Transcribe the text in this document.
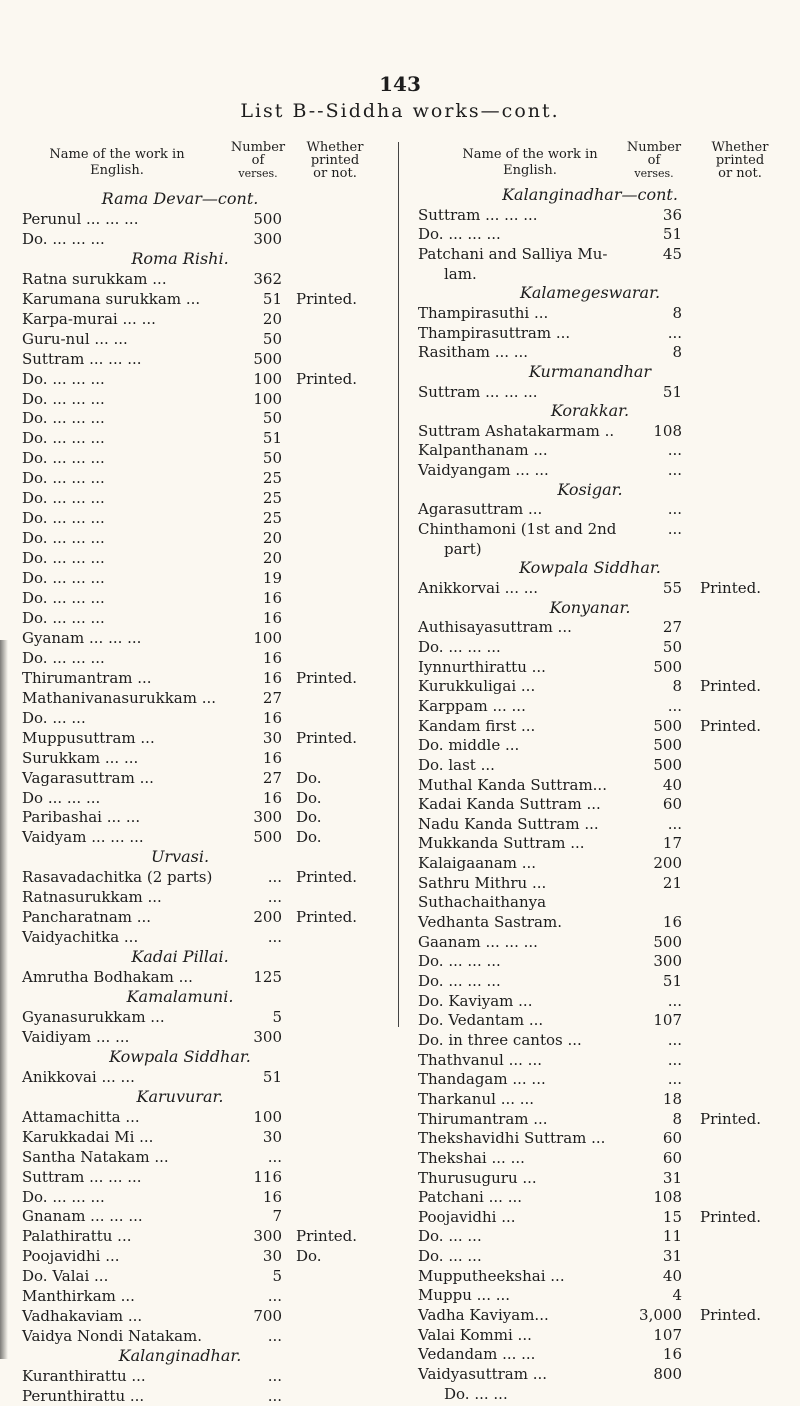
143
List B--Siddha works—cont.
Name of the work in
English.
Number
of
verses.
Whether
printed
or not.
Name of the work in
English.
Number
of
verses.
Whether
printed
or not.
Rama Devar—cont.
Perunul ... ... ...	500
Do. ... ... ...	300
Roma Rishi.
Ratna surukkam ...	362
Karumana surukkam ...	51 Printed.
Karpa-murai ... ...	20
Guru-nul ... ...	50
Suttram ... ... ...	500
Do. ... ... ...	100 Printed.
Do. ... ... ...	100
Do. ... ... ...	50
Do. ... ... ...	51
Do. ... ... ...	50
Do. ... ... ...	25
Do. ... ... ...	25
Do. ... ... ...	25
Do. ... ... ...	20
Do. ... ... ...	20
Do. ... ... ...	19
Do. ... ... ...	16
Do. ... ... ...	16
Gyanam ... ... ...	100
Do. ... ... ...	16
Thirumantram ...	16 Printed.
Mathanivanasurukkam ...	27
Do. ... ...	16
Muppusuttram ...	30 Printed.
Surukkam ... ...	16
Vagarasuttram ...	27 Do.
Do ... ... ...	16 Do.
Paribashai ... ...	300 Do.
Vaidyam ... ... ...	500 Do.
Urvasi.
Rasavadachitka (2 parts)	... Printed.
Ratnasurukkam ...	...
Pancharatnam ...	200 Printed.
Vaidyachitka ...	...
Kadai Pillai.
Amrutha Bodhakam ...	125
Kamalamuni.
Gyanasurukkam ...	5
Vaidiyam ... ...	300
Kowpala Siddhar.
Anikkovai ... ...	51
Karuvurar.
Attamachitta ...	100
Karukkadai Mi ...	30
Santha Natakam ...	...
Suttram ... ... ...	116
Do. ... ... ...	16
Gnanam ... ... ...	7
Palathirattu ...	300 Printed.
Poojavidhi ...	30 Do.
Do. Valai ...	5
Manthirkam ...	...
Vadhakaviam ...	700
Vaidya Nondi Natakam.	...
Kalanginadhar.
Kuranthirattu ...	...
Perunthirattu ...	...
Kalanginadhar—cont.
Suttram ... ... ...	36
Do. ... ... ...	51
Patchani and Salliya Mu-	45
lam.
Kalamegeswarar.
Thampirasuthi ...	8
Thampirasuttram ...	...
Rasitham ... ...	8
Kurmanandhar
Suttram ... ... ...	51
Korakkar.
Suttram Ashatakarmam ..	108
Kalpanthanam ...	...
Vaidyangam ... ...	...
Kosigar.
Agarasuttram ...	...
Chinthamoni (1st and 2nd	...
part)
Kowpala Siddhar.
Anikkorvai ... ...	55 Printed.
Konyanar.
Authisayasuttram ...	27
Do. ... ... ...	50
Iynnurthirattu ...	500
Kurukkuligai ...	8 Printed.
Karppam ... ...	...
Kandam first ...	500 Printed.
Do. middle ...	500
Do. last ...	500
Muthal Kanda Suttram...	40
Kadai Kanda Suttram ...	60
Nadu Kanda Suttram ...	...
Mukkanda Suttram ...	17
Kalaigaanam ...	200
Sathru Mithru ...	21
Suthachaithanya
Vedhanta Sastram.	16
Gaanam ... ... ...	500
Do. ... ... ...	300
Do. ... ... ...	51
Do. Kaviyam ...	...
Do. Vedantam ...	107
Do. in three cantos ...	...
Thathvanul ... ...	...
Thandagam ... ...	...
Tharkanul ... ...	18
Thirumantram ...	8 Printed.
Thekshavidhi Suttram ...	60
Thekshai ... ...	60
Thurusuguru ...	31
Patchani ... ...	108
Poojavidhi ...	15 Printed.
Do. ... ...	11
Do. ... ...	31
Mupputheekshai ...	40
Muppu ... ...	4
Vadha Kaviyam...	3,000 Printed.
Valai Kommi ...	107
Vedandam ... ...	16
Vaidyasuttram ...	800
Do. ... ...
